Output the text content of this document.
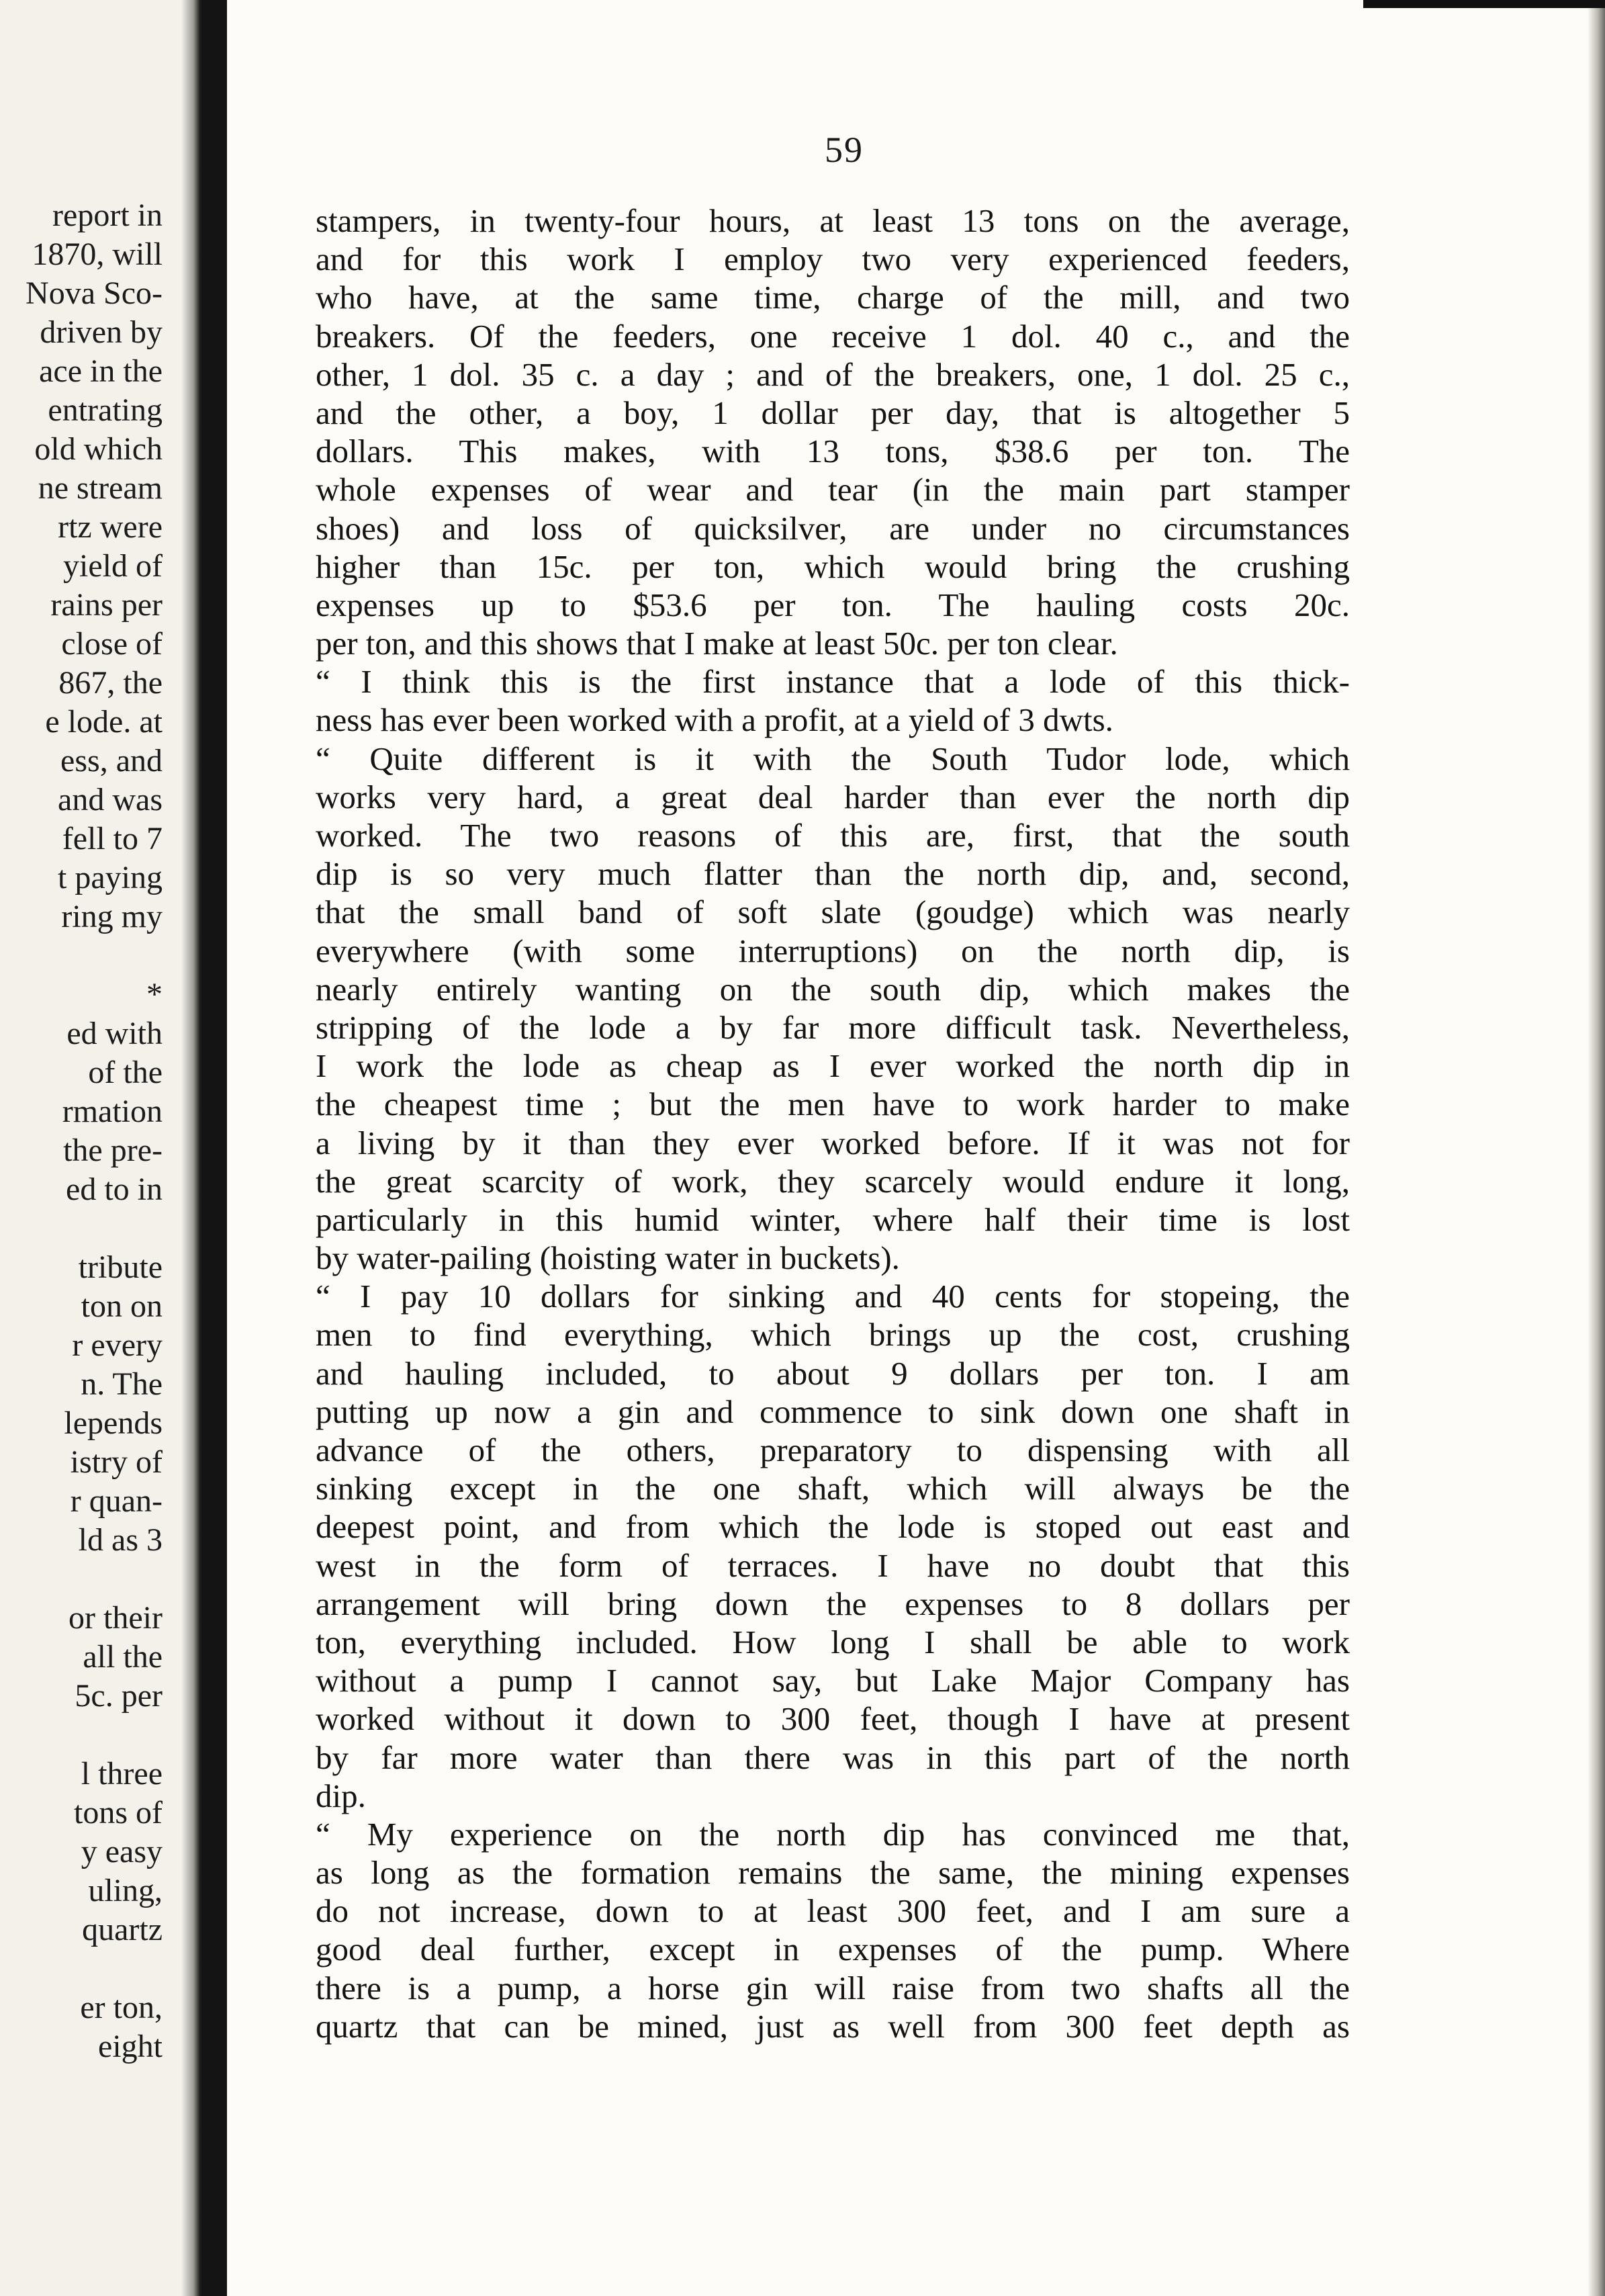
report in
1870, will
Nova Sco-
driven by
ace in the
entrating
old which
ne stream
rtz were
yield of
rains per
close of
867, the
e lode. at
ess, and
and was
fell to 7
t paying
ring my
*
ed with
of the
rmation
the pre-
ed to in
tribute
ton on
r every
n. The
lepends
istry of
r quan-
ld as 3
or their
all the
5c. per
l three
tons of
y easy
uling,
quartz
er ton,
eight
59
stampers, in twenty-four hours, at least 13 tons on the average,
and for this work I employ two very experienced feeders,
who have, at the same time, charge of the mill, and two
breakers. Of the feeders, one receive 1 dol. 40 c., and the
other, 1 dol. 35 c. a day ; and of the breakers, one, 1 dol. 25 c.,
and the other, a boy, 1 dollar per day, that is altogether 5
dollars. This makes, with 13 tons, $38.6 per ton. The
whole expenses of wear and tear (in the main part stamper
shoes) and loss of quicksilver, are under no circumstances
higher than 15c. per ton, which would bring the crushing
expenses up to $53.6 per ton. The hauling costs 20c.
per ton, and this shows that I make at least 50c. per ton clear.
“ I think this is the first instance that a lode of this thick-
ness has ever been worked with a profit, at a yield of 3 dwts.
“ Quite different is it with the South Tudor lode, which
works very hard, a great deal harder than ever the north dip
worked. The two reasons of this are, first, that the south
dip is so very much flatter than the north dip, and, second,
that the small band of soft slate (goudge) which was nearly
everywhere (with some interruptions) on the north dip, is
nearly entirely wanting on the south dip, which makes the
stripping of the lode a by far more difficult task. Nevertheless,
I work the lode as cheap as I ever worked the north dip in
the cheapest time ; but the men have to work harder to make
a living by it than they ever worked before. If it was not for
the great scarcity of work, they scarcely would endure it long,
particularly in this humid winter, where half their time is lost
by water-pailing (hoisting water in buckets).
“ I pay 10 dollars for sinking and 40 cents for stopeing, the
men to find everything, which brings up the cost, crushing
and hauling included, to about 9 dollars per ton. I am
putting up now a gin and commence to sink down one shaft in
advance of the others, preparatory to dispensing with all
sinking except in the one shaft, which will always be the
deepest point, and from which the lode is stoped out east and
west in the form of terraces. I have no doubt that this
arrangement will bring down the expenses to 8 dollars per
ton, everything included. How long I shall be able to work
without a pump I cannot say, but Lake Major Company has
worked without it down to 300 feet, though I have at present
by far more water than there was in this part of the north
dip.
“ My experience on the north dip has convinced me that,
as long as the formation remains the same, the mining expenses
do not increase, down to at least 300 feet, and I am sure a
good deal further, except in expenses of the pump. Where
there is a pump, a horse gin will raise from two shafts all the
quartz that can be mined, just as well from 300 feet depth as
